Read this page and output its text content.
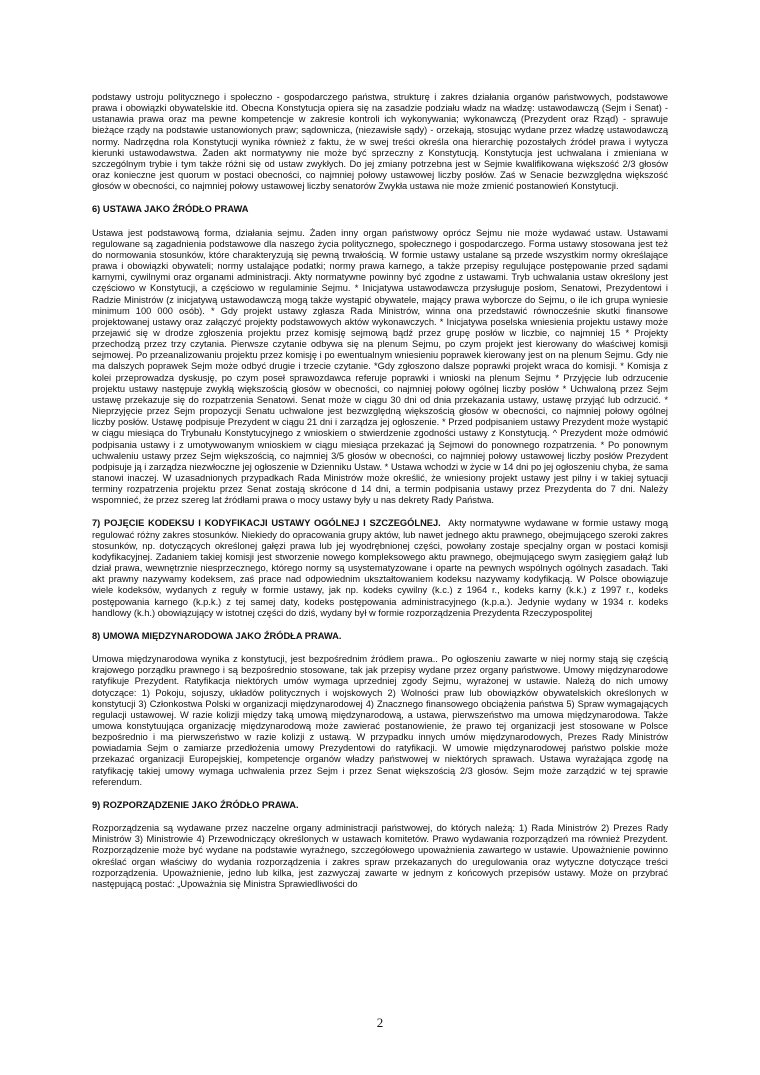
podstawy ustroju politycznego i społeczno - gospodarczego państwa, strukturę i zakres działania organów państwowych, podstawowe prawa i obowiązki obywatelskie itd. Obecna Konstytucja opiera się na zasadzie podziału władz na władzę: ustawodawczą (Sejm i Senat) -ustanawia prawa oraz ma pewne kompetencje w zakresie kontroli ich wykonywania; wykonawczą (Prezydent oraz Rząd) - sprawuje bieżące rządy na podstawie ustanowionych praw; sądownicza, (niezawisłe sądy) - orzekają, stosując wydane przez władzę ustawodawczą normy. Nadrzędna rola Konstytucji wynika również z faktu, że w swej treści określa ona hierarchię pozostałych źródeł prawa i wytycza kierunki ustawodawstwa. Żaden akt normatywny nie może być sprzeczny z Konstytucją. Konstytucja jest uchwalana i zmieniana w szczególnym trybie i tym także różni się od ustaw zwykłych. Do jej zmiany potrzebna jest w Sejmie kwalifikowana większość 2/3 głosów oraz konieczne jest quorum w postaci obecności, co najmniej połowy ustawowej liczby posłów. Zaś w Senacie bezwzględna większość głosów w obecności, co najmniej połowy ustawowej liczby senatorów Zwykła ustawa nie może zmienić postanowień Konstytucji.

6) USTAWA JAKO ŹRÓDŁO PRAWA

Ustawa jest podstawową forma, działania sejmu. Żaden inny organ państwowy oprócz Sejmu nie może wydawać ustaw. Ustawami regulowane są zagadnienia podstawowe dla naszego życia politycznego, społecznego i gospodarczego. Forma ustawy stosowana jest też do normowania stosunków, które charakteryzują się pewną trwałością. W formie ustawy ustalane są przede wszystkim normy określające prawa i obowiązki obywateli; normy ustalające podatki; normy prawa karnego, a także przepisy regulujące postępowanie przed sądami karnymi, cywilnymi oraz organami administracji. Akty normatywne powinny być zgodne z ustawami. Tryb uchwalania ustaw określony jest częściowo w Konstytucji, a częściowo w regulaminie Sejmu. * Inicjatywa ustawodawcza przysługuje posłom, Senatowi, Prezydentowi i Radzie Ministrów (z inicjatywą ustawodawczą mogą także wystąpić obywatele, mający prawa wyborcze do Sejmu, o ile ich grupa wyniesie minimum 100 000 osób). * Gdy projekt ustawy zgłasza Rada Ministrów, winna ona przedstawić równocześnie skutki finansowe projektowanej ustawy oraz załączyć projekty podstawowych aktów wykonawczych. * Inicjatywa poselska wniesienia projektu ustawy może przejawić się w drodze zgłoszenia projektu przez komisję sejmową bądź przez grupę posłów w liczbie, co najmniej 15 * Projekty przechodzą przez trzy czytania. Pierwsze czytanie odbywa się na plenum Sejmu, po czym projekt jest kierowany do właściwej komisji sejmowej. Po przeanalizowaniu projektu przez komisję i po ewentualnym wniesieniu poprawek kierowany jest on na plenum Sejmu. Gdy nie ma dalszych poprawek Sejm może odbyć drugie i trzecie czytanie. *Gdy zgłoszono dalsze poprawki projekt wraca do komisji. * Komisja z kolei przeprowadza dyskusję, po czym poseł sprawozdawca referuje poprawki i wnioski na plenum Sejmu * Przyjęcie lub odrzucenie projektu ustawy następuje zwykłą większością głosów w obecności, co najmniej połowy ogólnej liczby posłów * Uchwaloną przez Sejm ustawę przekazuje się do rozpatrzenia Senatowi. Senat może w ciągu 30 dni od dnia przekazania ustawy, ustawę przyjąć lub odrzucić. * Nieprzyjęcie przez Sejm propozycji Senatu uchwalone jest bezwzględną większością głosów w obecności, co najmniej połowy ogólnej liczby posłów. Ustawę podpisuje Prezydent w ciągu 21 dni i zarządza jej ogłoszenie. * Przed podpisaniem ustawy Prezydent może wystąpić w ciągu miesiąca do Trybunału Konstytucyjnego z wnioskiem o stwierdzenie zgodności ustawy z Konstytucją. ^ Prezydent może odmówić podpisania ustawy i z umotywowanym wnioskiem w ciągu miesiąca przekazać ją Sejmowi do ponownego rozpatrzenia. * Po ponownym uchwaleniu ustawy przez Sejm większością, co najmniej 3/5 głosów w obecności, co najmniej połowy ustawowej liczby posłów Prezydent podpisuje ją i zarządza niezwłoczne jej ogłoszenie w Dzienniku Ustaw. * Ustawa wchodzi w życie w 14 dni po jej ogłoszeniu chyba, że sama stanowi inaczej. W uzasadnionych przypadkach Rada Ministrów może określić, że wniesiony projekt ustawy jest pilny i w takiej sytuacji terminy rozpatrzenia projektu przez Senat zostają skrócone d 14 dni, a termin podpisania ustawy przez Prezydenta do 7 dni. Należy wspomnieć, że przez szereg lat źródłami prawa o mocy ustawy były u nas dekrety Rady Państwa.

7) POJĘCIE KODEKSU I KODYFIKACJI USTAWY OGÓLNEJ I SZCZEGÓLNEJ. Akty normatywne wydawane w formie ustawy mogą regulować różny zakres stosunków. Niekiedy do opracowania grupy aktów, lub nawet jednego aktu prawnego, obejmującego szeroki zakres stosunków, np. dotyczących określonej gałęzi prawa lub jej wyodrębnionej części, powołany zostaje specjalny organ w postaci komisji kodyfikacyjnej. Zadaniem takiej komisji jest stworzenie nowego kompleksowego aktu prawnego, obejmującego swym zasięgiem gałąź lub dział prawa, wewnętrznie niesprzecznego, którego normy są usystematyzowane i oparte na pewnych wspólnych ogólnych zasadach. Taki akt prawny nazywamy kodeksem, zaś prace nad odpowiednim ukształtowaniem kodeksu nazywamy kodyfikacją. W Polsce obowiązuje wiele kodeksów, wydanych z reguły w formie ustawy, jak np. kodeks cywilny (k.c.) z 1964 r., kodeks karny (k.k.) z 1997 r., kodeks postępowania karnego (k.p.k.) z tej samej daty, kodeks postępowania administracyjnego (k.p.a.). Jedynie wydany w 1934 r. kodeks handlowy (k.h.) obowiązujący w istotnej części do dziś, wydany był w formie rozporządzenia Prezydenta Rzeczypospolitej

8) UMOWA MIĘDZYNARODOWA JAKO ŹRÓDŁA PRAWA.

Umowa międzynarodowa wynika z konstytucji, jest bezpośrednim źródłem prawa.. Po ogłoszeniu zawarte w niej normy stają się częścią krajowego porządku prawnego i są bezpośrednio stosowane, tak jak przepisy wydane przez organy państwowe. Umowy międzynarodowe ratyfikuje Prezydent. Ratyfikacja niektórych umów wymaga uprzedniej zgody Sejmu, wyrażonej w ustawie. Należą do nich umowy dotyczące: 1) Pokoju, sojuszy, układów politycznych i wojskowych 2) Wolności praw lub obowiązków obywatelskich określonych w konstytucji 3) Członkostwa Polski w organizacji międzynarodowej 4) Znacznego finansowego obciążenia państwa 5) Spraw wymagających regulacji ustawowej. W razie kolizji między taką umową międzynarodową, a ustawa, pierwszeństwo ma umowa międzynarodowa. Także umowa konstytuująca organizację międzynarodową może zawierać postanowienie, że prawo tej organizacji jest stosowane w Polsce bezpośrednio i ma pierwszeństwo w razie kolizji z ustawą. W przypadku innych umów międzynarodowych, Prezes Rady Ministrów powiadamia Sejm o zamiarze przedłożenia umowy Prezydentowi do ratyfikacji. W umowie międzynarodowej państwo polskie może przekazać organizacji Europejskiej, kompetencje organów władzy państwowej w niektórych sprawach. Ustawa wyrażająca zgodę na ratyfikację takiej umowy wymaga uchwalenia przez Sejm i przez Senat większością 2/3 głosów. Sejm może zarządzić w tej sprawie referendum.

9) ROZPORZĄDZENIE JAKO ŹRÓDŁO PRAWA.

Rozporządzenia są wydawane przez naczelne organy administracji państwowej, do których należą: 1) Rada Ministrów 2) Prezes Rady Ministrów 3) Ministrowie 4) Przewodniczący określonych w ustawach komitetów. Prawo wydawania rozporządzeń ma również Prezydent. Rozporządzenie może być wydane na podstawie wyraźnego, szczegółowego upoważnienia zawartego w ustawie. Upoważnienie powinno określać organ właściwy do wydania rozporządzenia i zakres spraw przekazanych do uregulowania oraz wytyczne dotyczące treści rozporządzenia. Upoważnienie, jedno lub kilka, jest zazwyczaj zawarte w jednym z końcowych przepisów ustawy. Może on przybrać następującą postać: „Upoważnia się Ministra Sprawiedliwości do

2
